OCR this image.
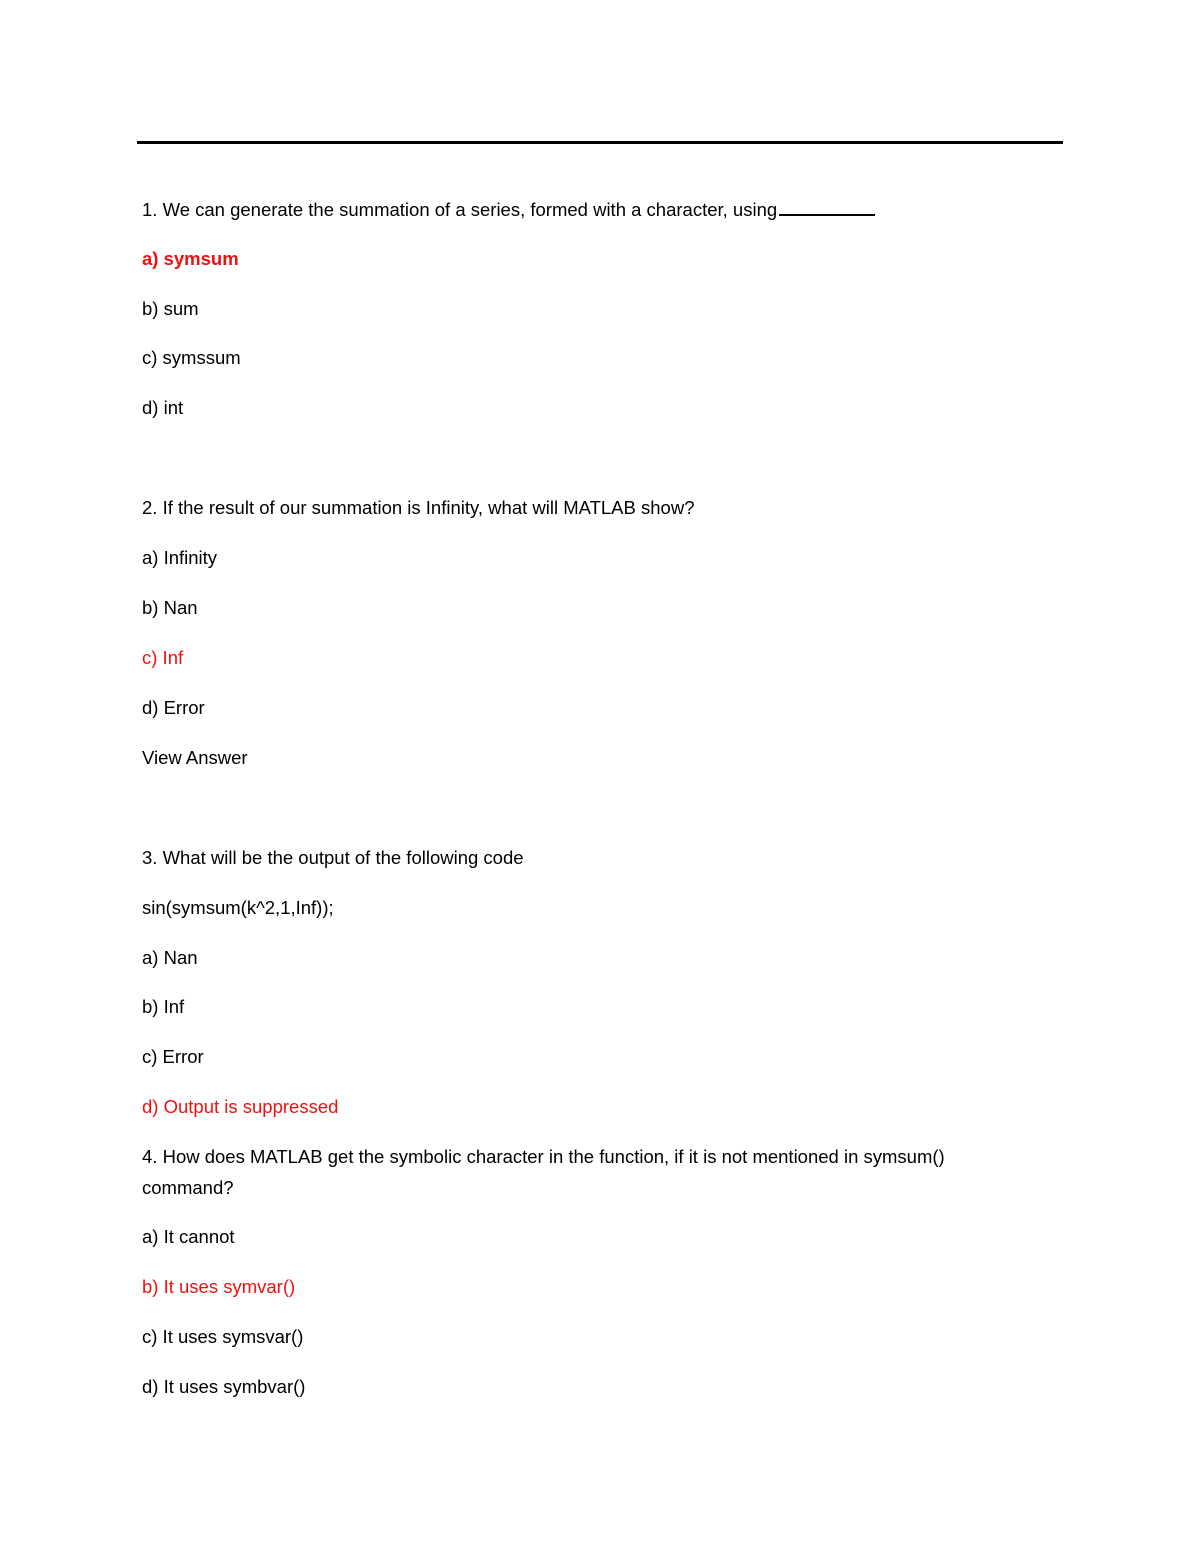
1. We can generate the summation of a series, formed with a character, using
a) symsum
b) sum
c) symssum
d) int
2. If the result of our summation is Infinity, what will MATLAB show?
a) Infinity
b) Nan
c) Inf
d) Error
View Answer
3. What will be the output of the following code
sin(symsum(k^2,1,Inf));
a) Nan
b) Inf
c) Error
d) Output is suppressed
4. How does MATLAB get the symbolic character in the function, if it is not mentioned in symsum() command?
a) It cannot
b) It uses symvar()
c) It uses symsvar()
d) It uses symbvar()
